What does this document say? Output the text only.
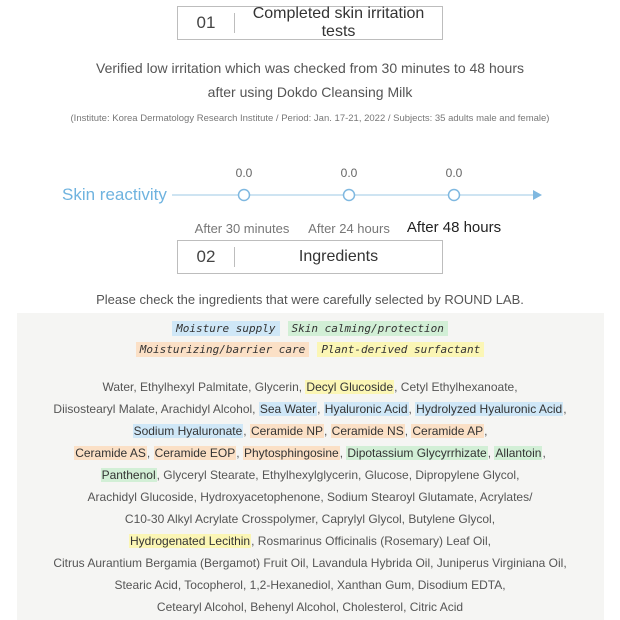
01	Completed skin irritation tests
Verified low irritation which was checked from 30 minutes to 48 hours
after using Dokdo Cleansing Milk
(Institute: Korea Dermatology Research Institute / Period: Jan. 17-21, 2022 / Subjects: 35 adults male and female)
Skin reactivity
0.0	0.0	0.0
After 30 minutes	After 24 hours	After 48 hours
02	Ingredients
Please check the ingredients that were carefully selected by ROUND LAB.
Moisture supply	Skin calming/protection
Moisturizing/barrier care	Plant-derived surfactant
Water, Ethylhexyl Palmitate, Glycerin, Decyl Glucoside, Cetyl Ethylhexanoate,
Diisostearyl Malate, Arachidyl Alcohol, Sea Water, Hyaluronic Acid, Hydrolyzed Hyaluronic Acid,
Sodium Hyaluronate, Ceramide NP, Ceramide NS, Ceramide AP,
Ceramide AS, Ceramide EOP, Phytosphingosine, Dipotassium Glycyrrhizate, Allantoin,
Panthenol, Glyceryl Stearate, Ethylhexylglycerin, Glucose, Dipropylene Glycol,
Arachidyl Glucoside, Hydroxyacetophenone, Sodium Stearoyl Glutamate, Acrylates/
C10-30 Alkyl Acrylate Crosspolymer, Caprylyl Glycol, Butylene Glycol,
Hydrogenated Lecithin, Rosmarinus Officinalis (Rosemary) Leaf Oil,
Citrus Aurantium Bergamia (Bergamot) Fruit Oil, Lavandula Hybrida Oil, Juniperus Virginiana Oil,
Stearic Acid, Tocopherol, 1,2-Hexanediol, Xanthan Gum, Disodium EDTA,
Cetearyl Alcohol, Behenyl Alcohol, Cholesterol, Citric Acid
